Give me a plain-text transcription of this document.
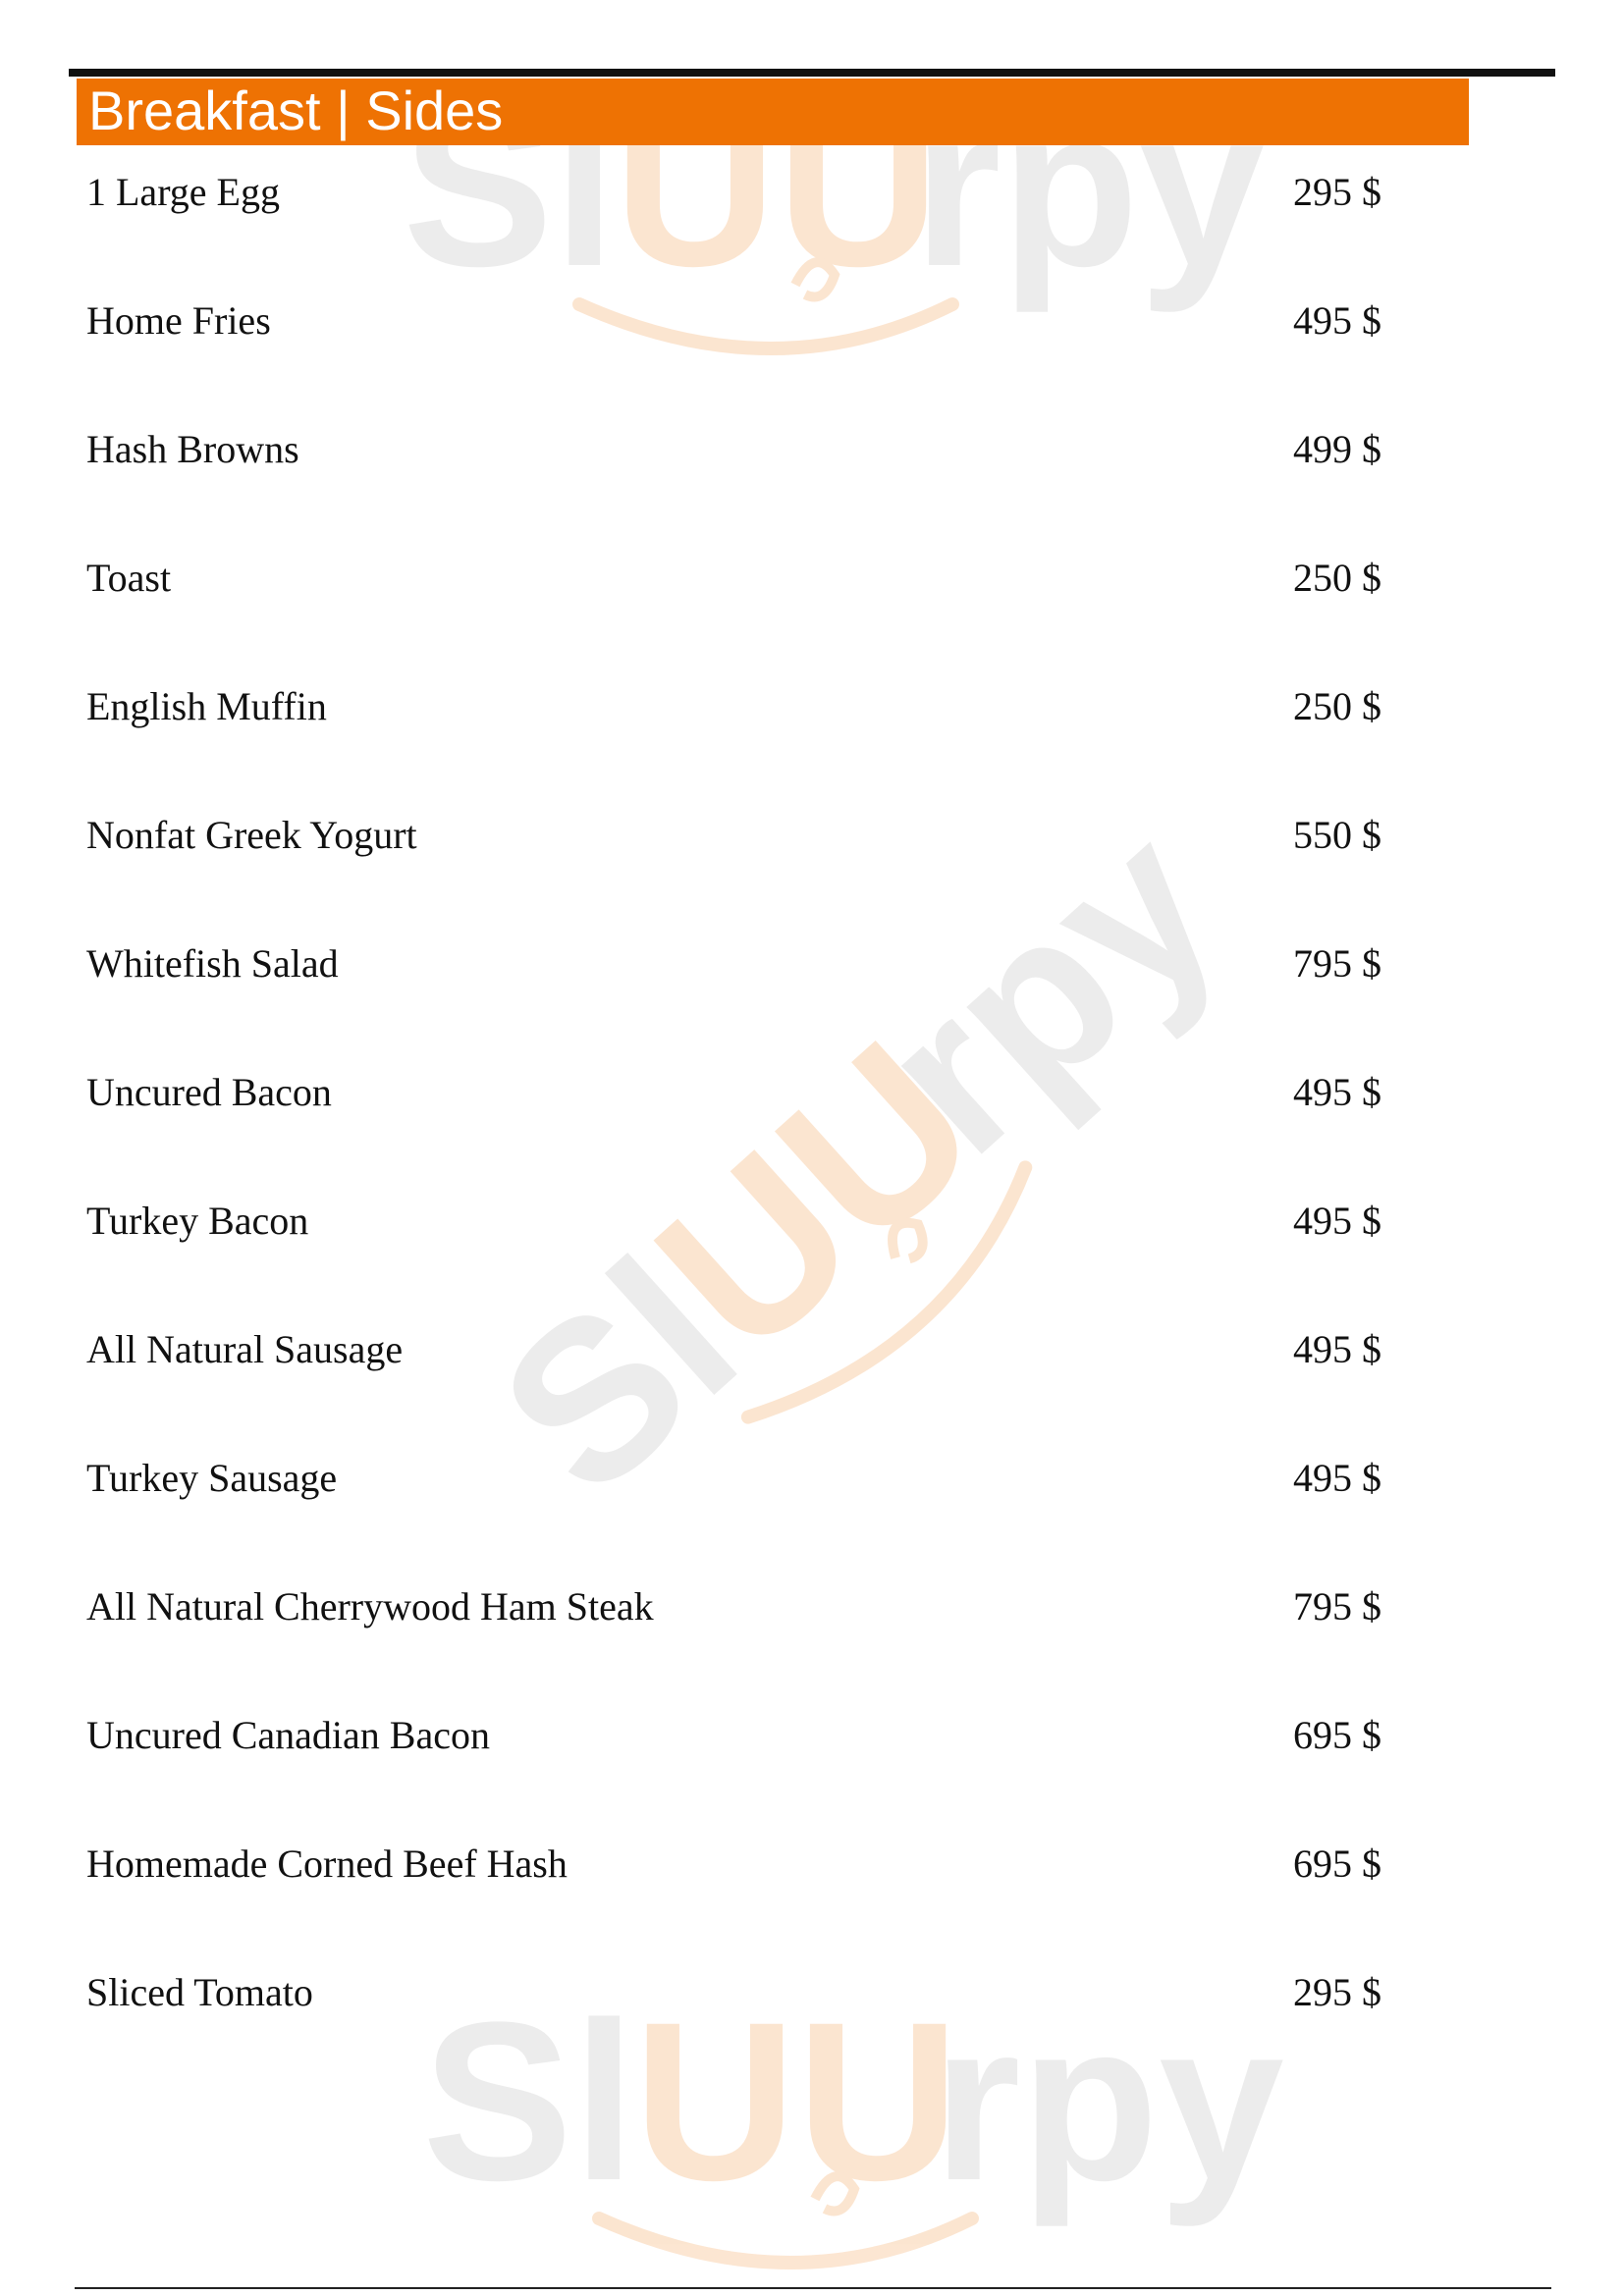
Sl
UU
rpy
Sl
UU
rpy
Sl
UU
rpy
Breakfast | Sides
1 Large Egg	295 $
Home Fries	495 $
Hash Browns	499 $
Toast	250 $
English Muffin	250 $
Nonfat Greek Yogurt	550 $
Whitefish Salad	795 $
Uncured Bacon	495 $
Turkey Bacon	495 $
All Natural Sausage	495 $
Turkey Sausage	495 $
All Natural Cherrywood Ham Steak	795 $
Uncured Canadian Bacon	695 $
Homemade Corned Beef Hash	695 $
Sliced Tomato	295 $
